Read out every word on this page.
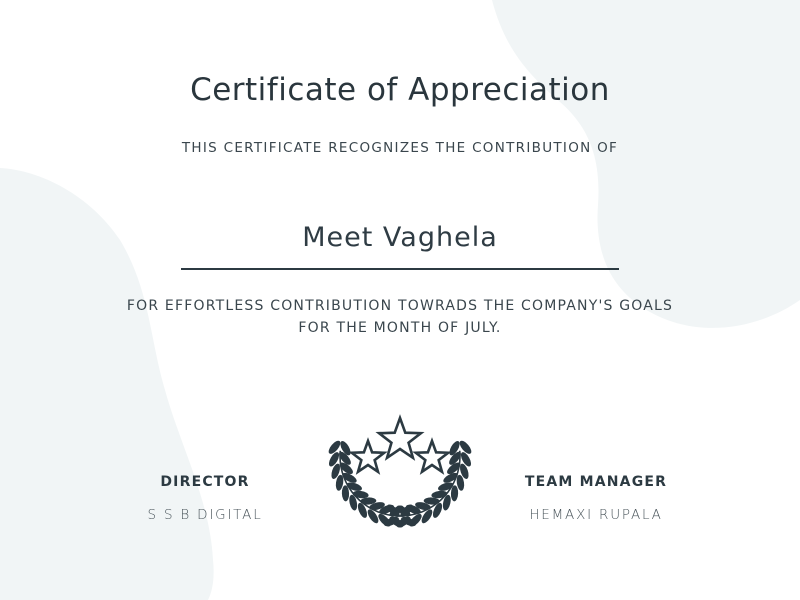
Certificate of Appreciation
THIS CERTIFICATE RECOGNIZES THE CONTRIBUTION OF
Meet Vaghela
FOR EFFORTLESS CONTRIBUTION TOWRADS THE COMPANY'S GOALS
FOR THE MONTH OF JULY.
DIRECTOR
S S B DIGITAL
TEAM MANAGER
HEMAXI RUPALA
